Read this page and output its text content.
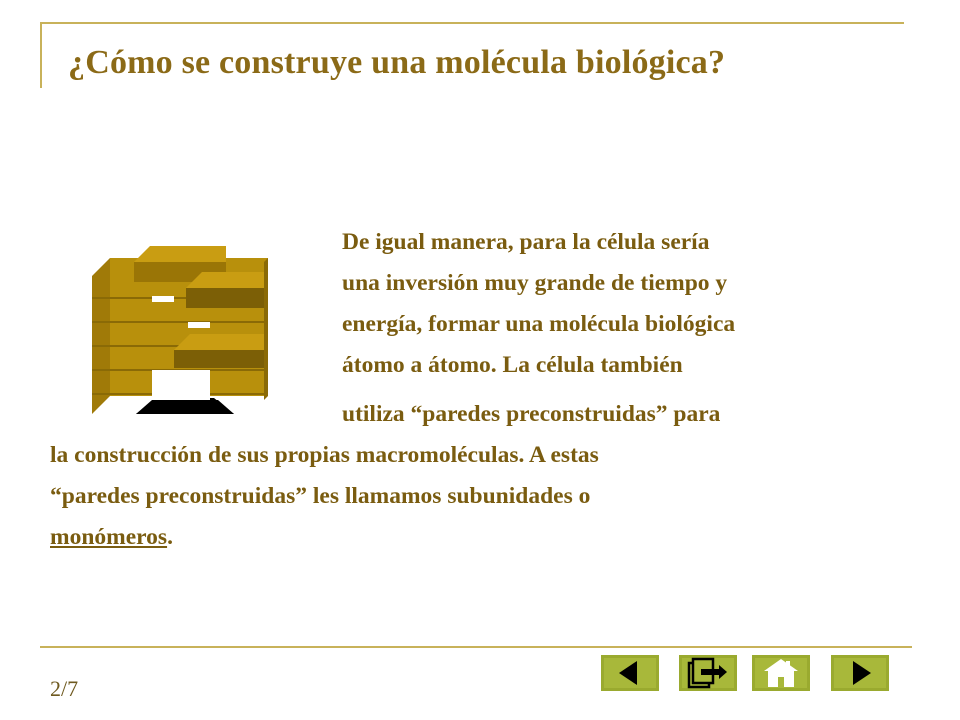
¿Cómo se construye una molécula biológica?
De igual manera, para la célula sería
una inversión muy grande de tiempo y
energía, formar una molécula biológica
átomo a átomo. La célula también
utiliza “paredes preconstruidas” para
la construcción de sus propias macromoléculas. A estas
“paredes preconstruidas” les llamamos subunidades o
monómeros.
2/7
